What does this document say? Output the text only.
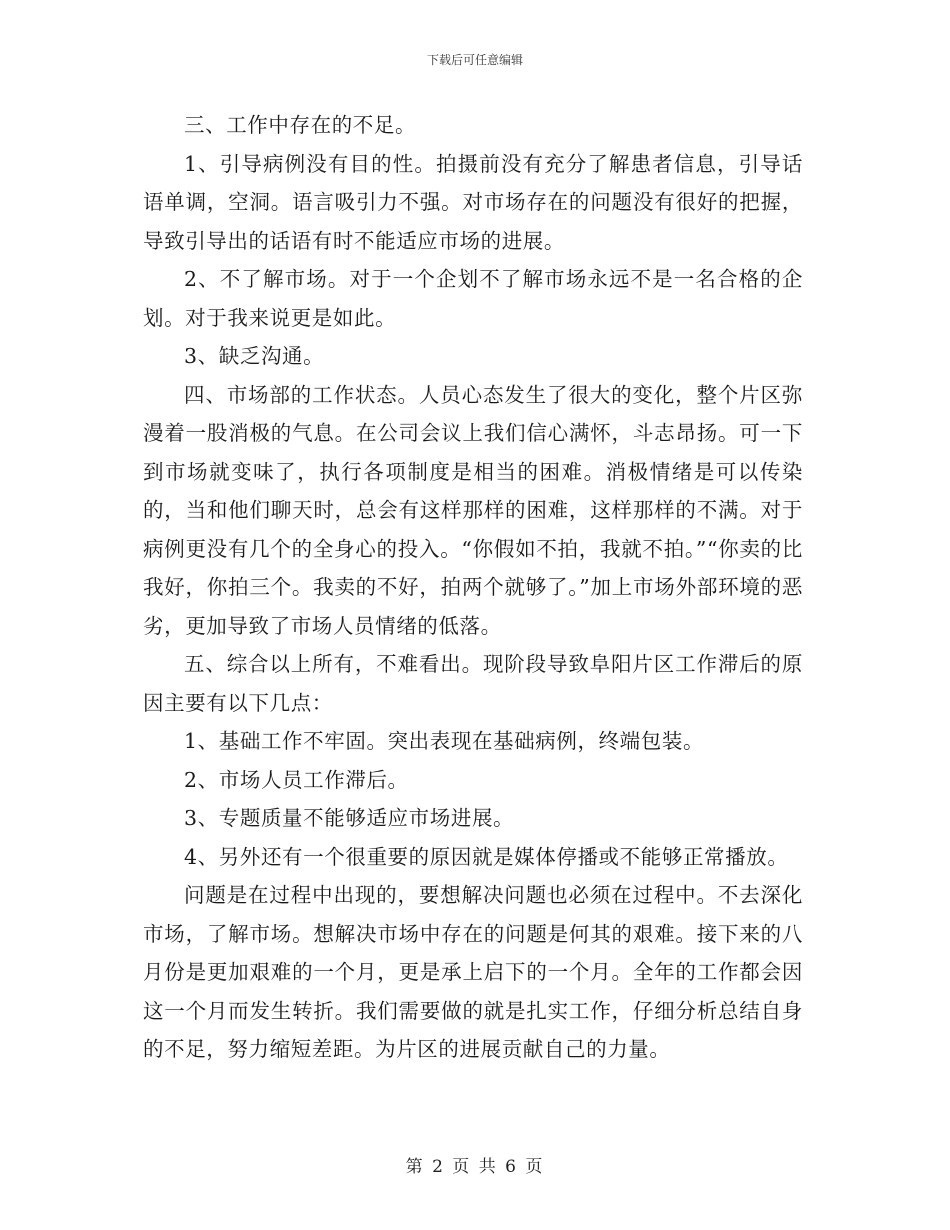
下载后可任意编辑

三、工作中存在的不足。

1、引导病例没有目的性。拍摄前没有充分了解患者信息，引导话语单调，空洞。语言吸引力不强。对市场存在的问题没有很好的把握，导致引导出的话语有时不能适应市场的进展。

2、不了解市场。对于一个企划不了解市场永远不是一名合格的企划。对于我来说更是如此。

3、缺乏沟通。

四、市场部的工作状态。人员心态发生了很大的变化，整个片区弥漫着一股消极的气息。在公司会议上我们信心满怀，斗志昂扬。可一下到市场就变味了，执行各项制度是相当的困难。消极情绪是可以传染的，当和他们聊天时，总会有这样那样的困难，这样那样的不满。对于病例更没有几个的全身心的投入。“你假如不拍，我就不拍。”“你卖的比我好，你拍三个。我卖的不好，拍两个就够了。”加上市场外部环境的恶劣，更加导致了市场人员情绪的低落。

五、综合以上所有，不难看出。现阶段导致阜阳片区工作滞后的原因主要有以下几点：

1、基础工作不牢固。突出表现在基础病例，终端包装。

2、市场人员工作滞后。

3、专题质量不能够适应市场进展。

4、另外还有一个很重要的原因就是媒体停播或不能够正常播放。

问题是在过程中出现的，要想解决问题也必须在过程中。不去深化市场，了解市场。想解决市场中存在的问题是何其的艰难。接下来的八月份是更加艰难的一个月，更是承上启下的一个月。全年的工作都会因这一个月而发生转折。我们需要做的就是扎实工作，仔细分析总结自身的不足，努力缩短差距。为片区的进展贡献自己的力量。

第 2 页 共 6 页
